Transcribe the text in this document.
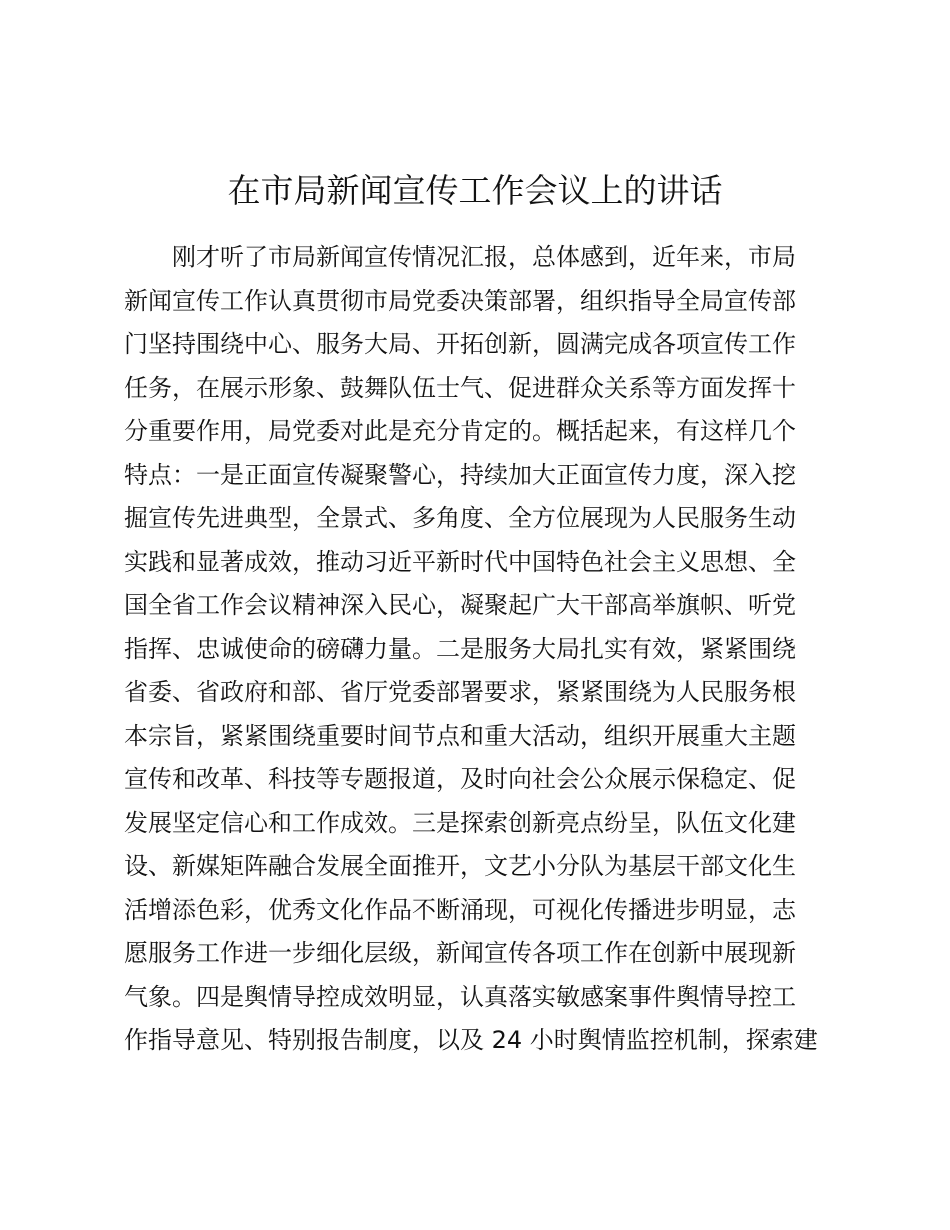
在市局新闻宣传工作会议上的讲话
　　刚才听了市局新闻宣传情况汇报，总体感到，近年来，市局
新闻宣传工作认真贯彻市局党委决策部署，组织指导全局宣传部
门坚持围绕中心、服务大局、开拓创新，圆满完成各项宣传工作
任务，在展示形象、鼓舞队伍士气、促进群众关系等方面发挥十
分重要作用，局党委对此是充分肯定的。概括起来，有这样几个
特点：一是正面宣传凝聚警心，持续加大正面宣传力度，深入挖
掘宣传先进典型，全景式、多角度、全方位展现为人民服务生动
实践和显著成效，推动习近平新时代中国特色社会主义思想、全
国全省工作会议精神深入民心，凝聚起广大干部高举旗帜、听党
指挥、忠诚使命的磅礴力量。二是服务大局扎实有效，紧紧围绕
省委、省政府和部、省厅党委部署要求，紧紧围绕为人民服务根
本宗旨，紧紧围绕重要时间节点和重大活动，组织开展重大主题
宣传和改革、科技等专题报道，及时向社会公众展示保稳定、促
发展坚定信心和工作成效。三是探索创新亮点纷呈，队伍文化建
设、新媒矩阵融合发展全面推开，文艺小分队为基层干部文化生
活增添色彩，优秀文化作品不断涌现，可视化传播进步明显，志
愿服务工作进一步细化层级，新闻宣传各项工作在创新中展现新
气象。四是舆情导控成效明显，认真落实敏感案事件舆情导控工
作指导意见、特别报告制度，以及 24 小时舆情监控机制，探索建
